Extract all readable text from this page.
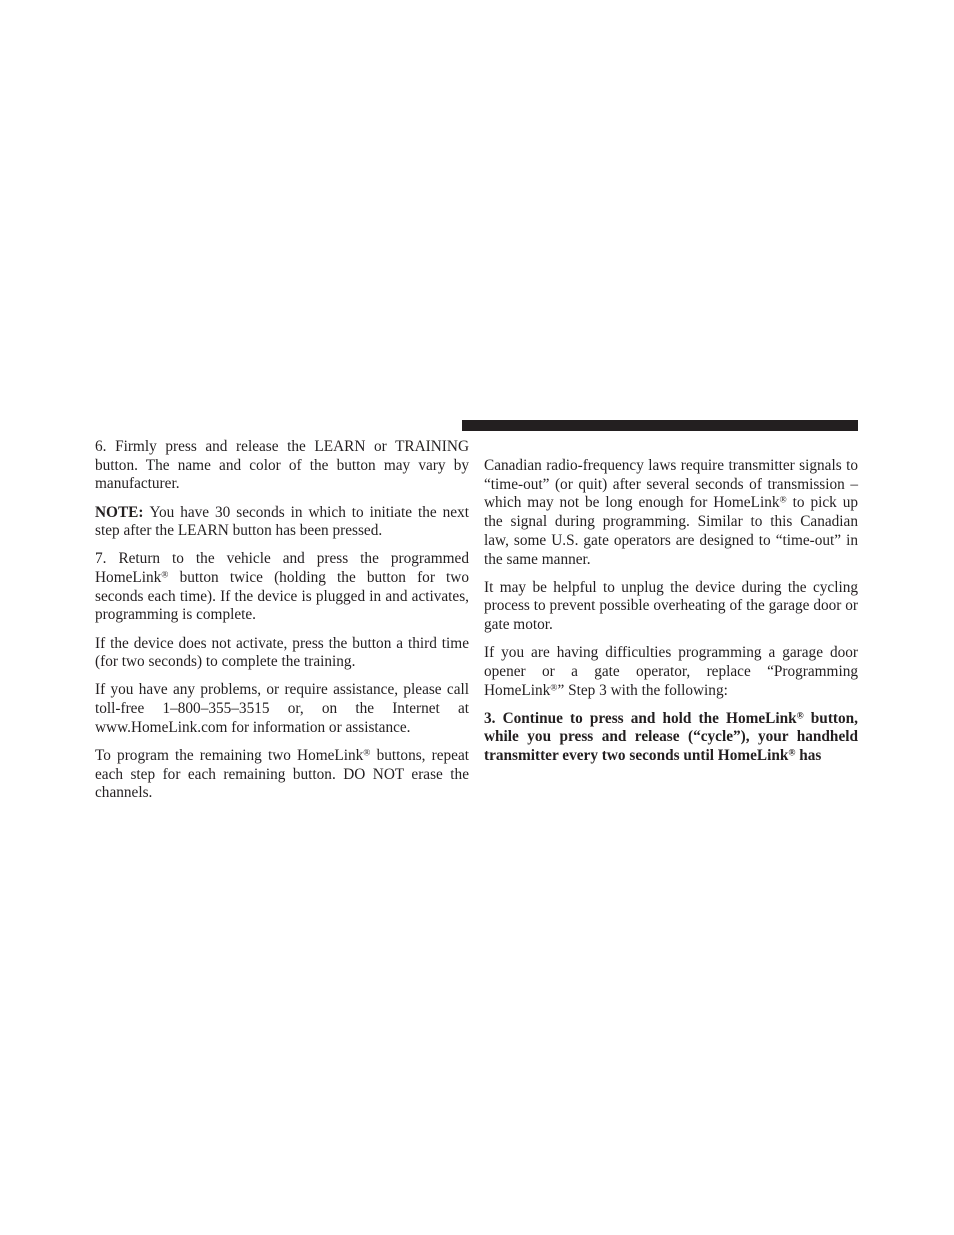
6. Firmly press and release the LEARN or TRAINING button. The name and color of the button may vary by manufacturer.

NOTE: You have 30 seconds in which to initiate the next step after the LEARN button has been pressed.

7. Return to the vehicle and press the programmed HomeLink® button twice (holding the button for two seconds each time). If the device is plugged in and activates, programming is complete.

If the device does not activate, press the button a third time (for two seconds) to complete the training.

If you have any problems, or require assistance, please call toll-free 1–800–355–3515 or, on the Internet at www.HomeLink.com for information or assistance.

To program the remaining two HomeLink® buttons, repeat each step for each remaining button. DO NOT erase the channels.

Canadian radio-frequency laws require transmitter signals to “time-out” (or quit) after several seconds of transmission – which may not be long enough for HomeLink® to pick up the signal during programming. Similar to this Canadian law, some U.S. gate operators are designed to “time-out” in the same manner.

It may be helpful to unplug the device during the cycling process to prevent possible overheating of the garage door or gate motor.

If you are having difficulties programming a garage door opener or a gate operator, replace “Programming HomeLink®” Step 3 with the following:

3. Continue to press and hold the HomeLink® button, while you press and release (“cycle”), your handheld transmitter every two seconds until HomeLink® has
